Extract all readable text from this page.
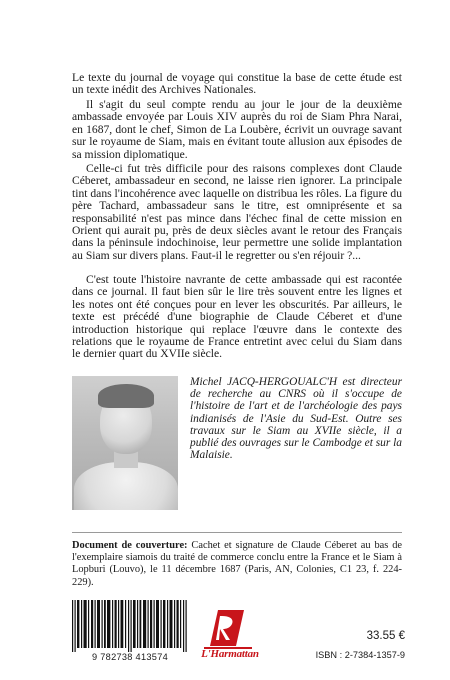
Le texte du journal de voyage qui constitue la base de cette étude est un texte inédit des Archives Nationales.

Il s'agit du seul compte rendu au jour le jour de la deuxième ambassade envoyée par Louis XIV auprès du roi de Siam Phra Narai, en 1687, dont le chef, Simon de La Loubère, écrivit un ouvrage savant sur le royaume de Siam, mais en évitant toute allusion aux épisodes de sa mission diplomatique.

Celle-ci fut très difficile pour des raisons complexes dont Claude Céberet, ambassadeur en second, ne laisse rien ignorer. La principale tint dans l'incohérence avec laquelle on distribua les rôles. La figure du père Tachard, ambassadeur sans le titre, est omniprésente et sa responsabilité n'est pas mince dans l'échec final de cette mission en Orient qui aurait pu, près de deux siècles avant le retour des Français dans la péninsule indochinoise, leur permettre une solide implantation au Siam sur divers plans. Faut-il le regretter ou s'en réjouir ?...

C'est toute l'histoire navrante de cette ambassade qui est racontée dans ce journal. Il faut bien sûr le lire très souvent entre les lignes et les notes ont été conçues pour en lever les obscurités. Par ailleurs, le texte est précédé d'une biographie de Claude Céberet et d'une introduction historique qui replace l'œuvre dans le contexte des relations que le royaume de France entretint avec celui du Siam dans le dernier quart du XVIIe siècle.

Michel JACQ-HERGOUALC'H est directeur de recherche au CNRS où il s'occupe de l'histoire de l'art et de l'archéologie des pays indianisés de l'Asie du Sud-Est. Outre ses travaux sur le Siam au XVIIe siècle, il a publié des ouvrages sur le Cambodge et sur la Malaisie.

Document de couverture: Cachet et signature de Claude Céberet au bas de l'exemplaire siamois du traité de commerce conclu entre la France et le Siam à Lopburi (Louvo), le 11 décembre 1687 (Paris, AN, Colonies, C1 23, f. 224-229).

9 782738 413574	L'Harmattan
33.55 €
ISBN : 2-7384-1357-9
